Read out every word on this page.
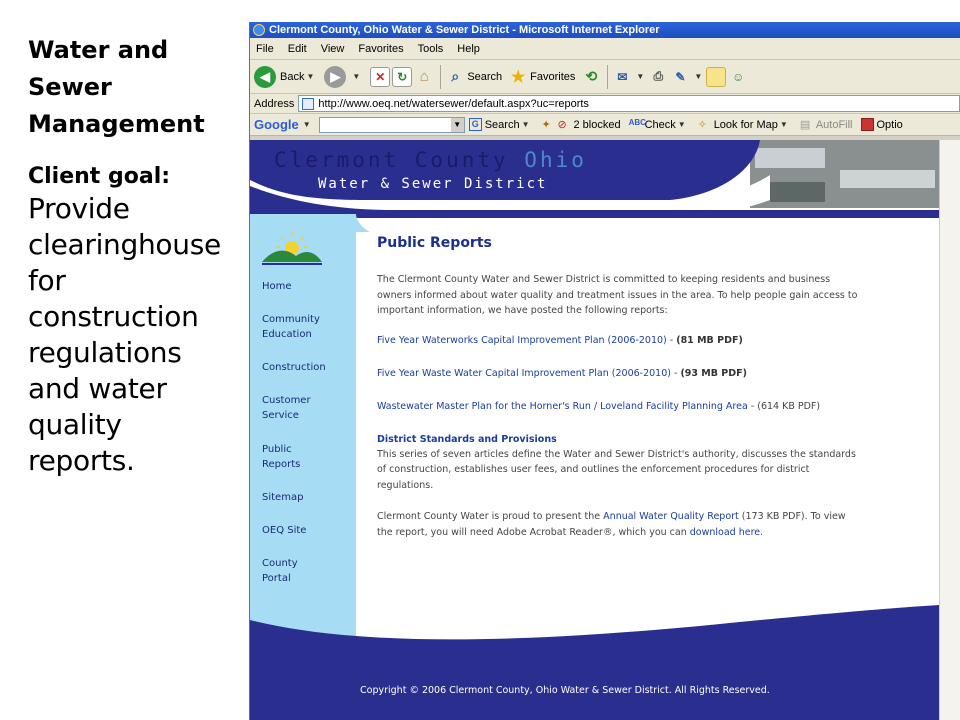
Water and
Sewer
Management
Client goal:
Provide
clearinghouse
for
construction
regulations
and water
quality
reports.
Clermont County, Ohio Water & Sewer District - Microsoft Internet Explorer
File Edit View Favorites Tools Help
◀ Back ▼	▶	▼	✕ ↻ ⌂	⌕ Search ★ Favorites ⟲	✉	▼ ⎙	✎	▼	☺
Address http://www.oeq.net/watersewer/default.aspx?uc=reports
Google ▼
▼	G Search ▼ ✦ ⊘ 2 blocked ABC
Check ▼ ✧ Look for Map ▼ ▤ AutoFill Optio
Clermont County Ohio
Water & Sewer District
Home
Community
Education
Construction
Customer
Service
Public
Reports
Sitemap
OEQ Site
County
Portal
Public Reports
The Clermont County Water and Sewer District is committed to keeping residents and business
owners informed about water quality and treatment issues in the area. To help people gain access to
important information, we have posted the following reports:
Five Year Waterworks Capital Improvement Plan (2006-2010) - (81 MB PDF)
Five Year Waste Water Capital Improvement Plan (2006-2010) - (93 MB PDF)
Wastewater Master Plan for the Horner's Run / Loveland Facility Planning Area - (614 KB PDF)
District Standards and Provisions
This series of seven articles define the Water and Sewer District's authority, discusses the standards
of construction, establishes user fees, and outlines the enforcement procedures for district
regulations.
Clermont County Water is proud to present the Annual Water Quality Report (173 KB PDF). To view
the report, you will need Adobe Acrobat Reader®, which you can download here.
Copyright © 2006 Clermont County, Ohio Water & Sewer District. All Rights Reserved.
